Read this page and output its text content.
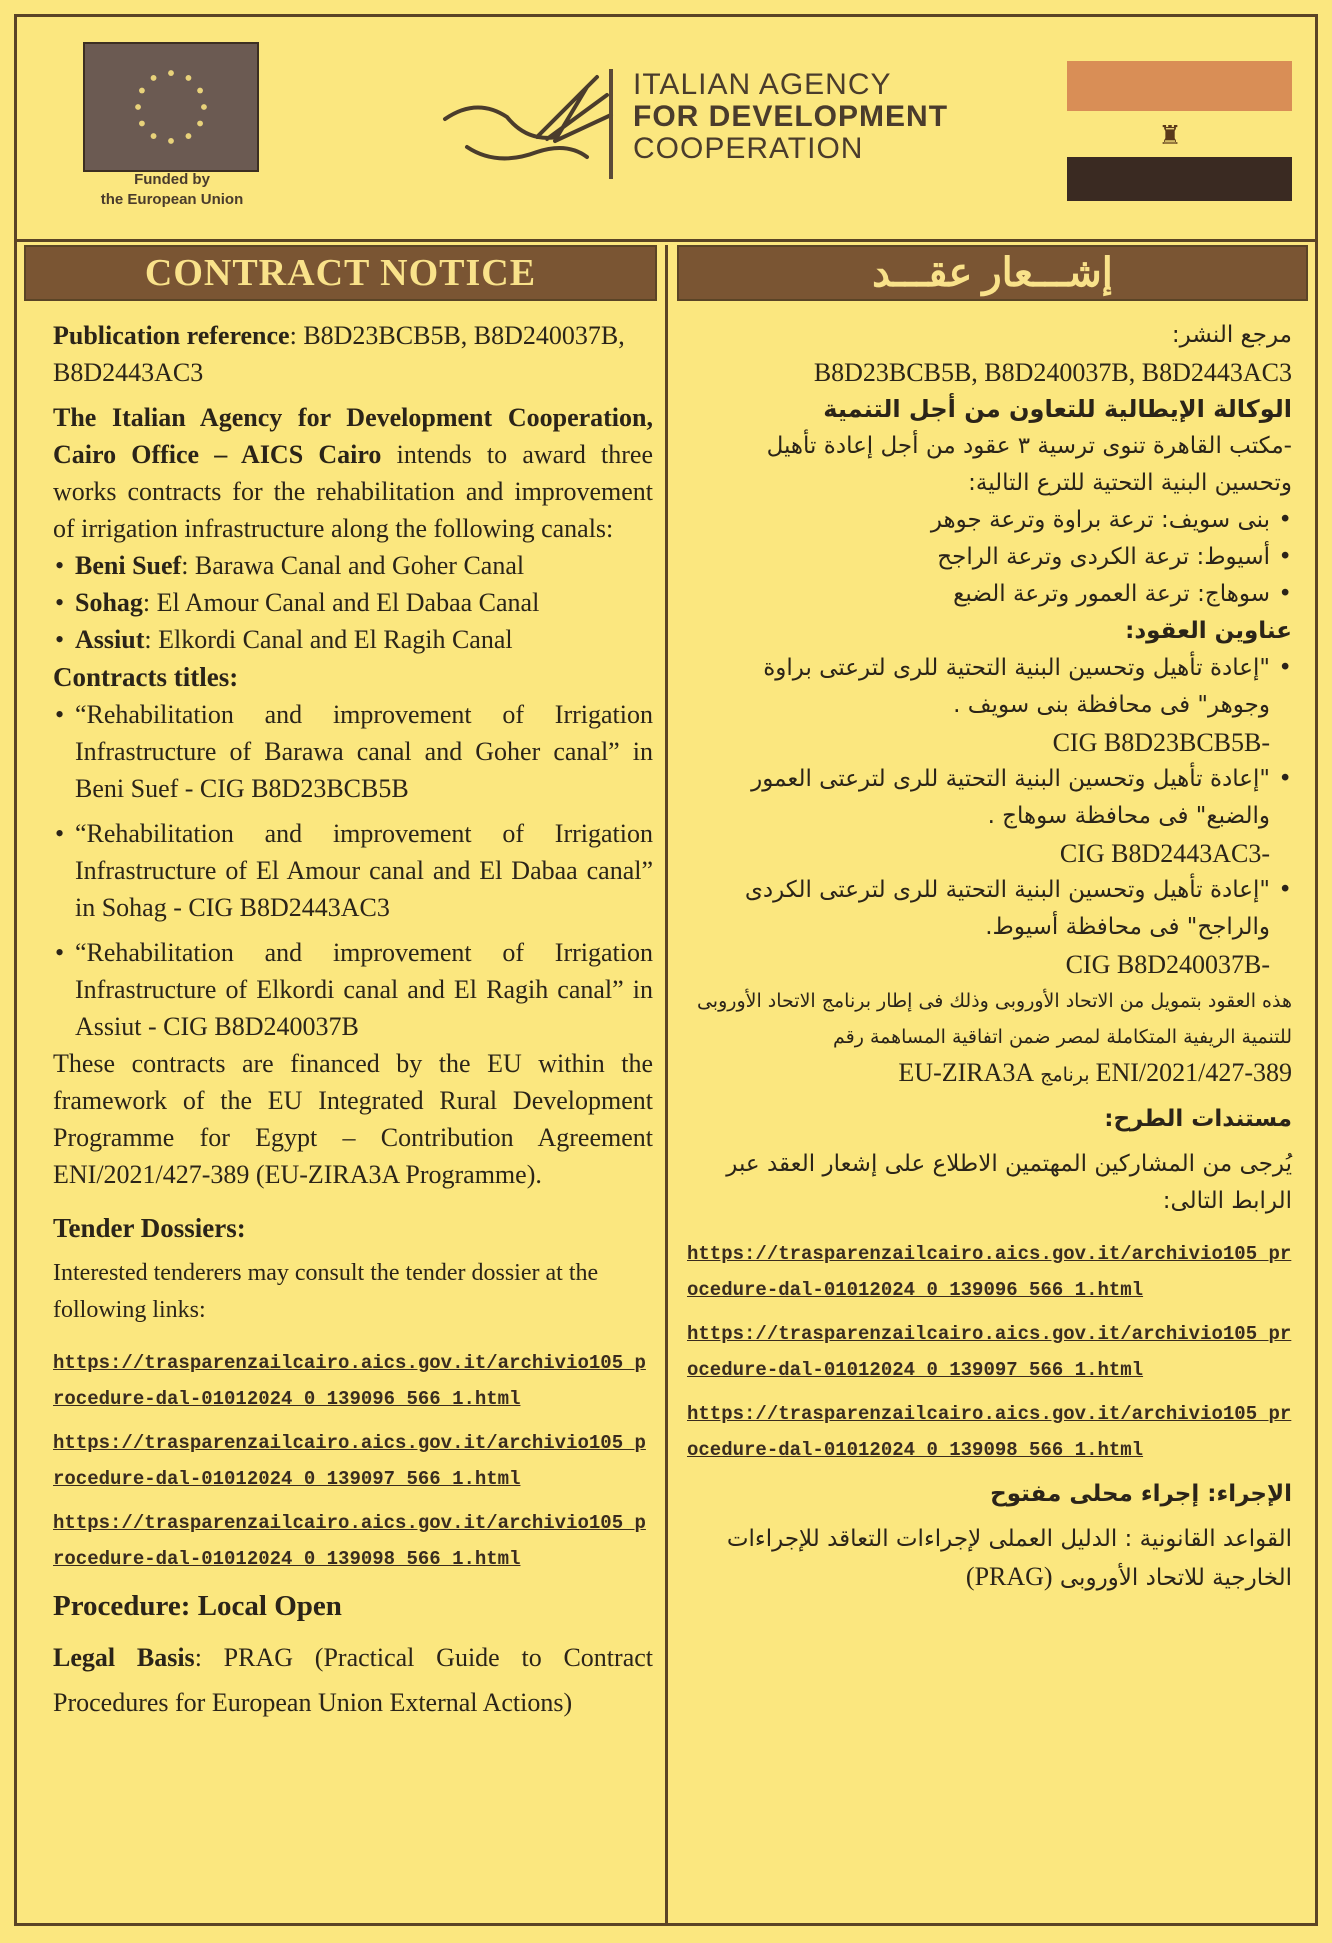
Funded by
the European Union
ITALIAN AGENCY
FOR DEVELOPMENT
COOPERATION	♜
CONTRACT NOTICE	إشـــعار عقـــد

Publication reference: B8D23BCB5B, B8D240037B, B8D2443AC3

The Italian Agency for Development Cooperation, Cairo Office – AICS Cairo intends to award three works contracts for the rehabilitation and improvement of irrigation infrastructure along the following canals:

• Beni Suef: Barawa Canal and Goher Canal
• Sohag: El Amour Canal and El Dabaa Canal
• Assiut: Elkordi Canal and El Ragih Canal

Contracts titles:

• “Rehabilitation and improvement of Irrigation Infrastructure of Barawa canal and Goher canal” in Beni Suef - CIG B8D23BCB5B
• “Rehabilitation and improvement of Irrigation Infrastructure of El Amour canal and El Dabaa canal” in Sohag - CIG B8D2443AC3
• “Rehabilitation and improvement of Irrigation Infrastructure of Elkordi canal and El Ragih canal” in Assiut - CIG B8D240037B

These contracts are financed by the EU within the framework of the EU Integrated Rural Development Programme for Egypt – Contribution Agreement ENI/2021/427-389 (EU-ZIRA3A Programme).

Tender Dossiers:

Interested tenderers may consult the tender dossier at the following links:

https://trasparenzailcairo.aics.gov.it/archivio105_procedure-dal-01012024_0_139096_566_1.html

https://trasparenzailcairo.aics.gov.it/archivio105_procedure-dal-01012024_0_139097_566_1.html

https://trasparenzailcairo.aics.gov.it/archivio105_procedure-dal-01012024_0_139098_566_1.html

Procedure: Local Open

Legal Basis: PRAG (Practical Guide to Contract Procedures for European Union External Actions)

مرجع النشر:

B8D23BCB5B, B8D240037B, B8D2443AC3

الوكالة الإيطالية للتعاون من أجل التنمية

-مكتب القاهرة تنوى ترسية ٣ عقود من أجل إعادة تأهيل وتحسين البنية التحتية للترع التالية:

• بنى سويف: ترعة براوة وترعة جوهر
• أسيوط: ترعة الكردى وترعة الراجح
• سوهاج: ترعة العمور وترعة الضبع

عناوين العقود:

• "إعادة تأهيل وتحسين البنية التحتية للرى لترعتى براوة وجوهر" فى محافظة بنى سويف .

CIG B8D23BCB5B-

• "إعادة تأهيل وتحسين البنية التحتية للرى لترعتى العمور والضبع" فى محافظة سوهاج .

CIG B8D2443AC3-

• "إعادة تأهيل وتحسين البنية التحتية للرى لترعتى الكردى والراجح" فى محافظة أسيوط.

CIG B8D240037B-

هذه العقود بتمويل من الاتحاد الأوروبى وذلك فى إطار برنامج الاتحاد الأوروبى للتنمية الريفية المتكاملة لمصر ضمن اتفاقية المساهمة رقم ENI/2021/427-389 برنامج EU-ZIRA3A

مستندات الطرح:

يُرجى من المشاركين المهتمين الاطلاع على إشعار العقد عبر الرابط التالى:

https://trasparenzailcairo.aics.gov.it/archivio105_procedure-dal-01012024_0_139096_566_1.html

https://trasparenzailcairo.aics.gov.it/archivio105_procedure-dal-01012024_0_139097_566_1.html

https://trasparenzailcairo.aics.gov.it/archivio105_procedure-dal-01012024_0_139098_566_1.html

الإجراء: إجراء محلى مفتوح

القواعد القانونية : الدليل العملى لإجراءات التعاقد للإجراءات الخارجية للاتحاد الأوروبى (PRAG)
